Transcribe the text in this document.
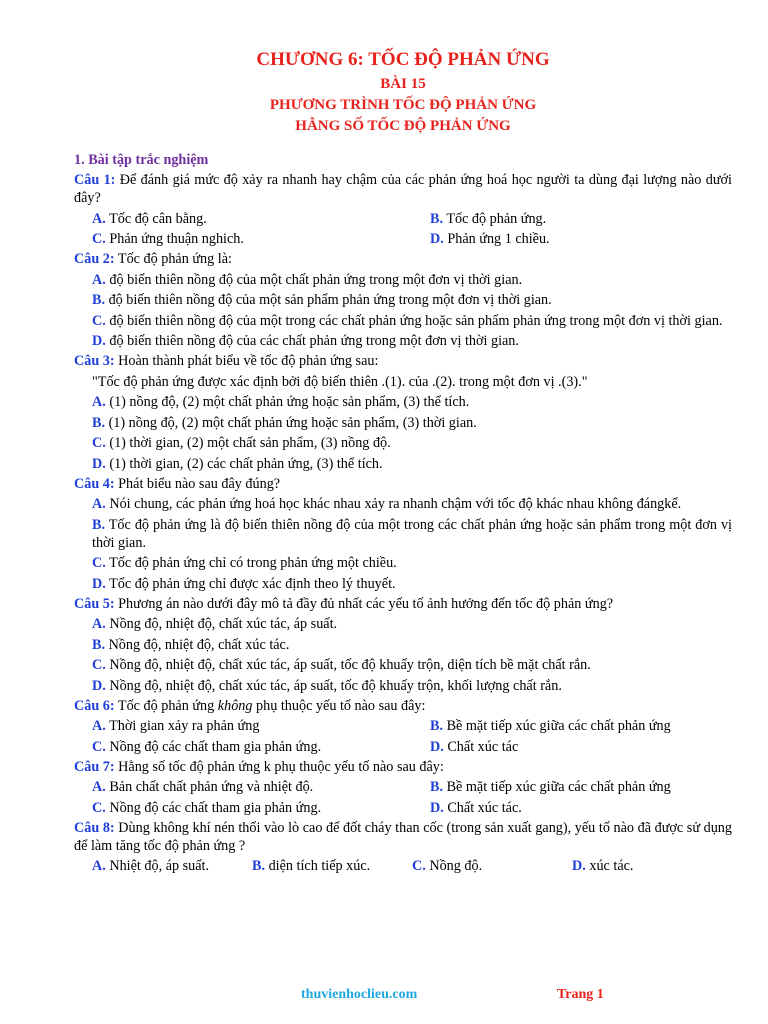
CHƯƠNG 6: TỐC ĐỘ PHẢN ỨNG
BÀI 15
PHƯƠNG TRÌNH TỐC ĐỘ PHẢN ỨNG
HẰNG SỐ TỐC ĐỘ PHẢN ỨNG
1. Bài tập trắc nghiệm
Câu 1: Để đánh giá mức độ xảy ra nhanh hay chậm của các phản ứng hoá học người ta dùng đại lượng nào dưới đây?
A. Tốc độ cân bằng.	B. Tốc độ phản ứng.
C. Phản ứng thuận nghich.	D. Phản ứng 1 chiều.
Câu 2: Tốc độ phản ứng là:
A. độ biến thiên nồng độ của một chất phản ứng trong một đơn vị thời gian.
B. độ biến thiên nồng độ của một sản phẩm phản ứng trong một đơn vị thời gian.
C. độ biến thiên nồng độ của một trong các chất phản ứng hoặc sản phẩm phản ứng trong một đơn vị thời gian.
D. độ biến thiên nồng độ của các chất phản ứng trong một đơn vị thời gian.
Câu 3: Hoàn thành phát biểu về tốc độ phản ứng sau:
"Tốc độ phản ứng được xác định bởi độ biến thiên .(1). của .(2). trong một đơn vị .(3)."
A. (1) nồng độ, (2) một chất phản ứng hoặc sản phẩm, (3) thể tích.
B. (1) nồng độ, (2) một chất phản ứng hoặc sản phẩm, (3) thời gian.
C. (1) thời gian, (2) một chất sản phẩm, (3) nồng độ.
D. (1) thời gian, (2) các chất phản ứng, (3) thể tích.
Câu 4: Phát biểu nào sau đây đúng?
A. Nói chung, các phản ứng hoá học khác nhau xảy ra nhanh chậm với tốc độ khác nhau không đángkể.
B. Tốc độ phản ứng là độ biến thiên nồng độ của một trong các chất phản ứng hoặc sản phẩm trong một đơn vị thời gian.
C. Tốc độ phản ứng chỉ có trong phản ứng một chiều.
D. Tốc độ phản ứng chỉ được xác định theo lý thuyết.
Câu 5: Phương án nào dưới đây mô tả đầy đủ nhất các yếu tố ảnh hưởng đến tốc độ phản ứng?
A. Nồng độ, nhiệt độ, chất xúc tác, áp suất.
B. Nồng độ, nhiệt độ, chất xúc tác.
C. Nồng độ, nhiệt độ, chất xúc tác, áp suất, tốc độ khuấy trộn, diện tích bề mặt chất rắn.
D. Nồng độ, nhiệt độ, chất xúc tác, áp suất, tốc độ khuấy trộn, khối lượng chất rắn.
Câu 6: Tốc độ phản ứng không phụ thuộc yếu tố nào sau đây:
A. Thời gian xảy ra phản ứng	B. Bề mặt tiếp xúc giữa các chất phản ứng
C. Nồng độ các chất tham gia phản ứng.	D. Chất xúc tác
Câu 7: Hằng số tốc độ phản ứng k phụ thuộc yếu tố nào sau đây:
A. Bản chất chất phản ứng và nhiệt độ.	B. Bề mặt tiếp xúc giữa các chất phản ứng
C. Nồng độ các chất tham gia phản ứng.	D. Chất xúc tác.
Câu 8: Dùng không khí nén thổi vào lò cao để đốt cháy than cốc (trong sản xuất gang), yếu tố nào đã được sử dụng để làm tăng tốc độ phản ứng ?
A. Nhiệt độ, áp suất.	B. diện tích tiếp xúc.	C. Nồng độ.	D. xúc tác.
thuvienhoclieu.com	Trang 1
